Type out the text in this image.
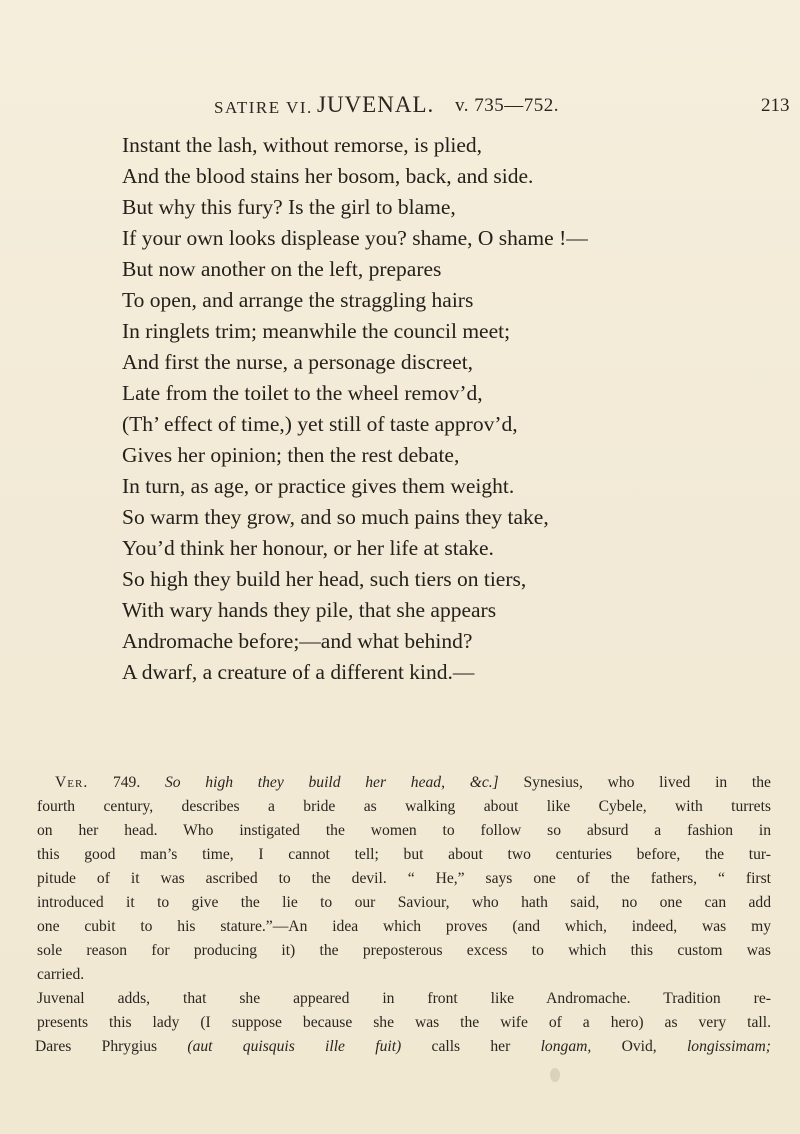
SATIRE VI. JUVENAL. v. 735—752.	213
Instant the lash, without remorse, is plied,
And the blood stains her bosom, back, and side.
But why this fury? Is the girl to blame,
If your own looks displease you? shame, O shame !—
But now another on the left, prepares
To open, and arrange the straggling hairs
In ringlets trim; meanwhile the council meet;
And first the nurse, a personage discreet,
Late from the toilet to the wheel remov’d,
(Th’ effect of time,) yet still of taste approv’d,
Gives her opinion; then the rest debate,
In turn, as age, or practice gives them weight.
So warm they grow, and so much pains they take,
You’d think her honour, or her life at stake.
So high they build her head, such tiers on tiers,
With wary hands they pile, that she appears
Andromache before;—and what behind?
A dwarf, a creature of a different kind.—
Ver. 749. So high they build her head, &c.] Synesius, who lived in the
fourth century, describes a bride as walking about like Cybele, with turrets
on her head. Who instigated the women to follow so absurd a fashion in
this good man’s time, I cannot tell; but about two centuries before, the tur-
pitude of it was ascribed to the devil. “ He,” says one of the fathers, “ first
introduced it to give the lie to our Saviour, who hath said, no one can add
one cubit to his stature.”—An idea which proves (and which, indeed, was my
sole reason for producing it) the preposterous excess to which this custom was
carried.
Juvenal adds, that she appeared in front like Andromache. Tradition re-
presents this lady (I suppose because she was the wife of a hero) as very tall.
Dares Phrygius (aut quisquis ille fuit) calls her longam, Ovid, longissimam;
